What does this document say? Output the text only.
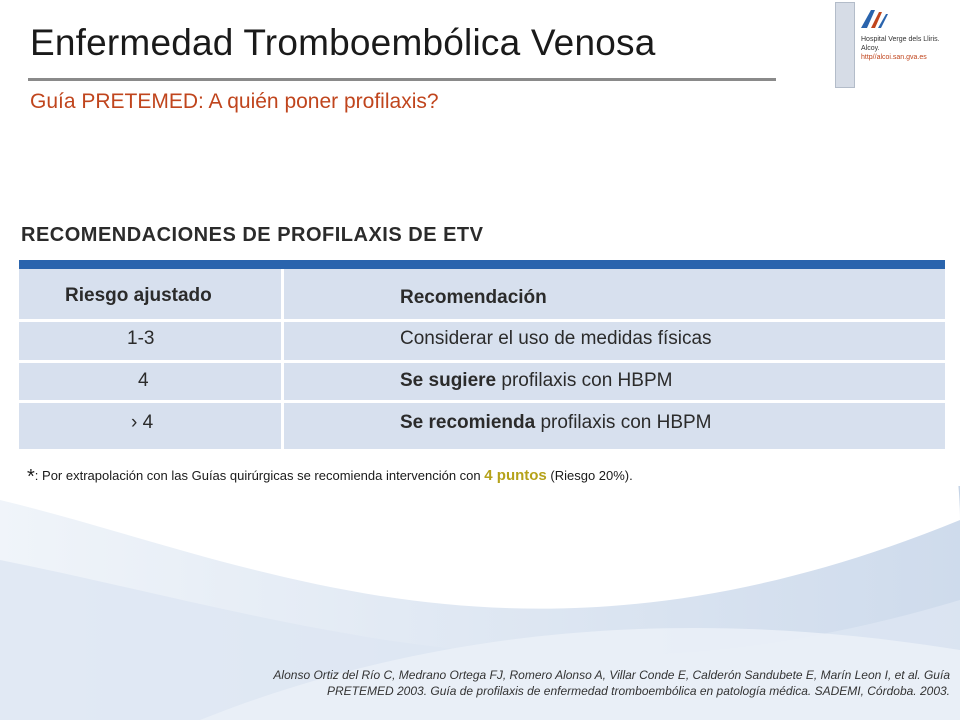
Enfermedad Tromboembólica Venosa
Guía PRETEMED: A quién poner profilaxis?
Hospital Verge dels Lliris.
Alcoy.
http//alcoi.san.gva.es
RECOMENDACIONES DE PROFILAXIS DE ETV
Riesgo ajustado	Recomendación
1-3	Considerar el uso de medidas físicas
4	Se sugiere profilaxis con HBPM
› 4	Se recomienda profilaxis con HBPM
*: Por extrapolación con las Guías quirúrgicas se recomienda intervención con 4 puntos (Riesgo 20%).
Alonso Ortiz del Río C, Medrano Ortega FJ, Romero Alonso A, Villar Conde E, Calderón Sandubete E, Marín Leon I, et al. Guía
PRETEMED 2003. Guía de profilaxis de enfermedad tromboembólica en patología médica. SADEMI, Córdoba. 2003.
